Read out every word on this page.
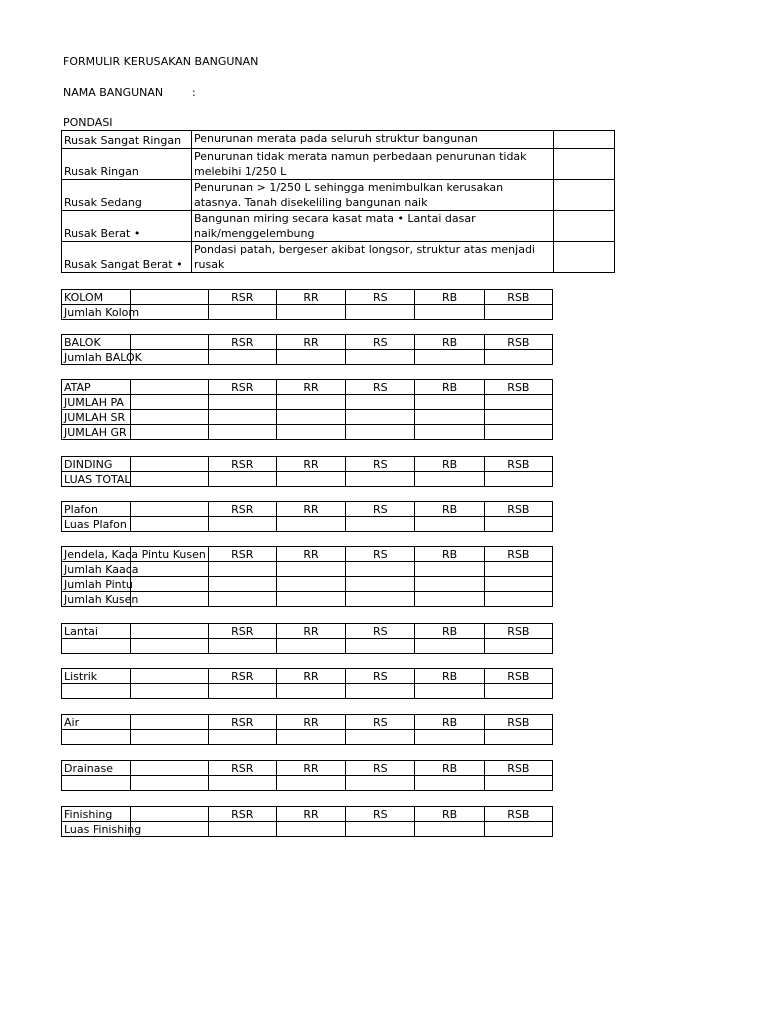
FORMULIR KERUSAKAN BANGUNAN
NAMA BANGUNAN	:
PONDASI
Rusak Sangat Ringan	Penurunan merata pada seluruh struktur bangunan	
Rusak Ringan	Penurunan tidak merata namun perbedaan penurunan tidak
melebihi 1/250 L	
Rusak Sedang	Penurunan > 1/250 L sehingga menimbulkan kerusakan
atasnya. Tanah disekeliling bangunan naik	
Rusak Berat •	Bangunan miring secara kasat mata • Lantai dasar
naik/menggelembung	
Rusak Sangat Berat •	Pondasi patah, bergeser akibat longsor, struktur atas menjadi
rusak	
KOLOM		RSR	RR	RS	RB	RSB
Jumlah Kolom						
BALOK		RSR	RR	RS	RB	RSB
Jumlah BALOK						
ATAP		RSR	RR	RS	RB	RSB
JUMLAH PA						
JUMLAH SR						
JUMLAH GR						
DINDING		RSR	RR	RS	RB	RSB
LUAS TOTAL						
Plafon		RSR	RR	RS	RB	RSB
Luas Plafon						
Jendela, Kaca Pintu Kusen		RSR	RR	RS	RB	RSB
Jumlah Kaaca						
Jumlah Pintu						
Jumlah Kusen						
Lantai		RSR	RR	RS	RB	RSB

Listrik		RSR	RR	RS	RB	RSB

Air		RSR	RR	RS	RB	RSB

Drainase		RSR	RR	RS	RB	RSB

Finishing		RSR	RR	RS	RB	RSB
Luas Finishing						
